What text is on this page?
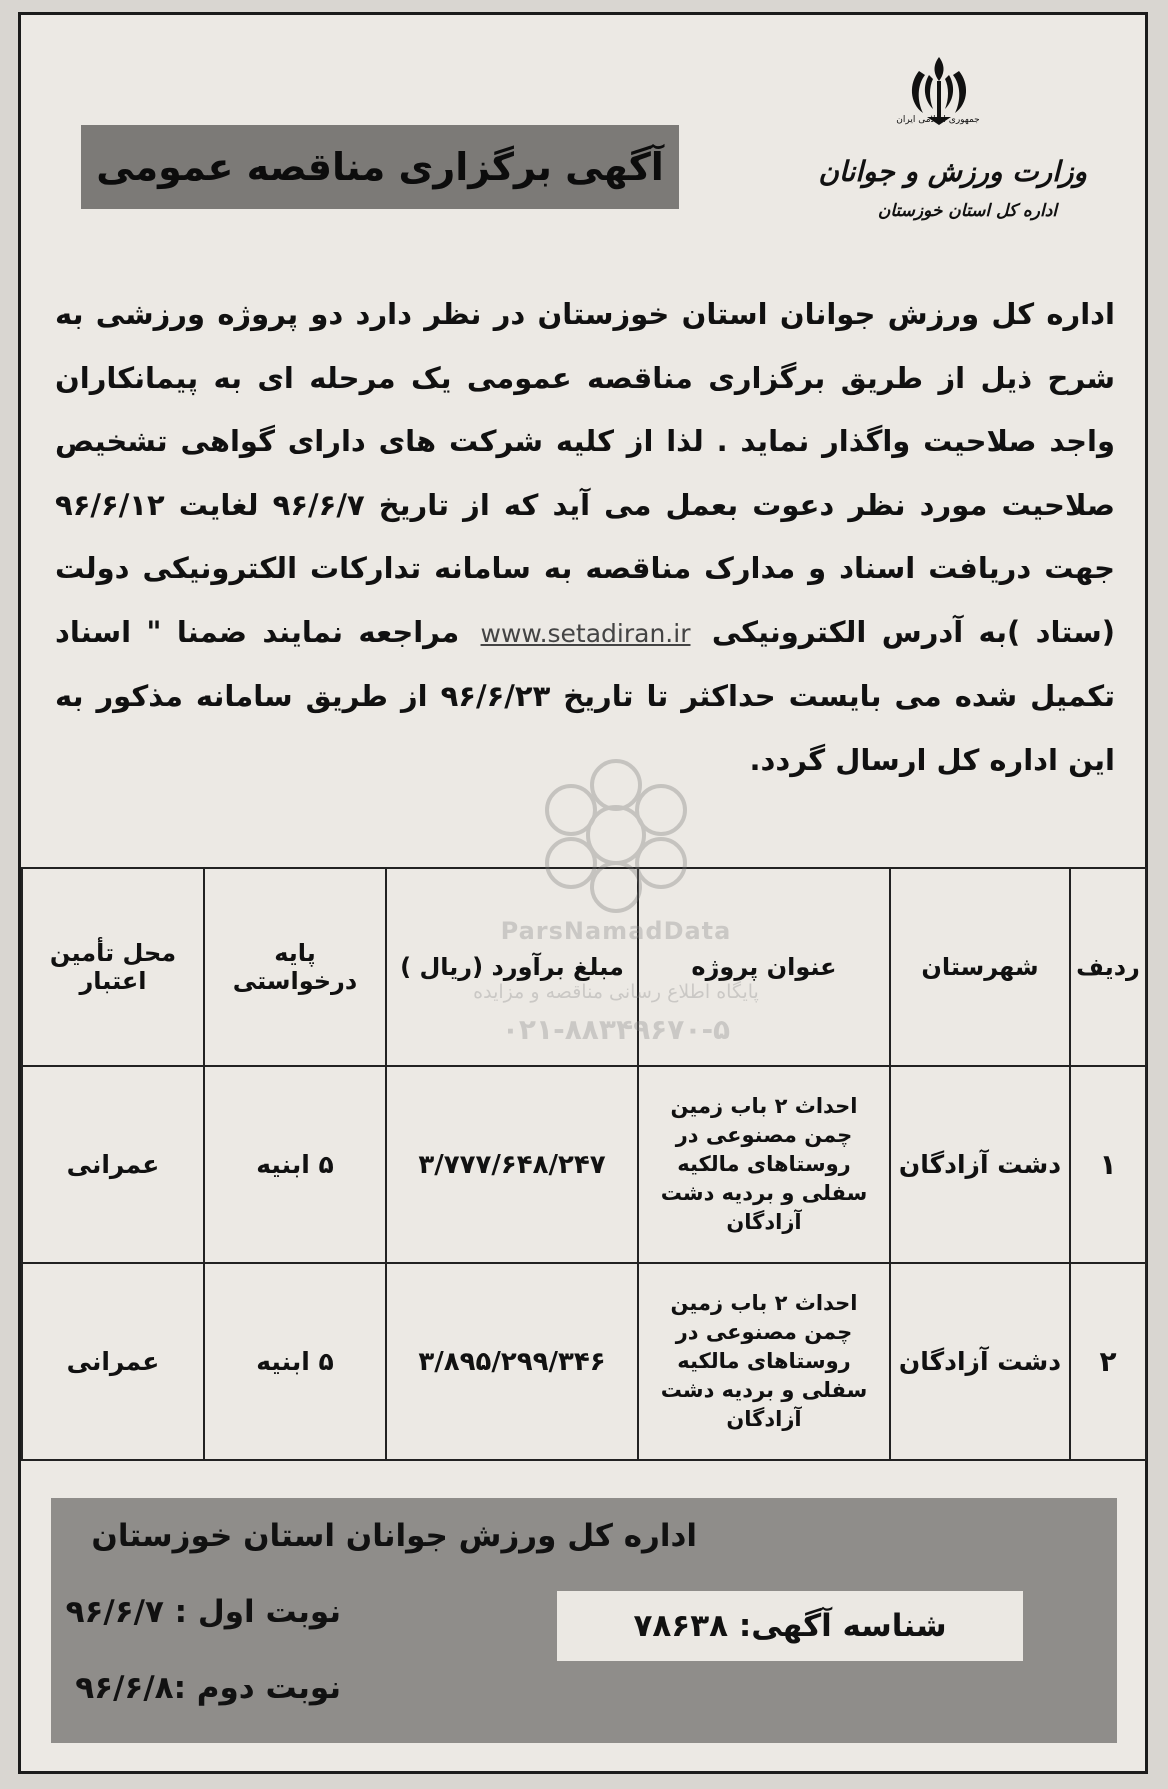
جمهوری اسلامی ایران
وزارت ورزش و جوانان
اداره کل استان خوزستان
آگهی برگزاری مناقصه عمومی
اداره کل ورزش جوانان استان خوزستان در نظر دارد دو پروژه ورزشی به شرح ذیل از طریق برگزاری مناقصه عمومی یک مرحله ای به پیمانکاران واجد صلاحیت واگذار نماید . لذا از کلیه شرکت های دارای گواهی تشخیص صلاحیت مورد نظر دعوت بعمل می آید که از تاریخ ۹۶/۶/۷ لغایت ۹۶/۶/۱۲ جهت دریافت اسناد و مدارک مناقصه به سامانه تدارکات الکترونیکی دولت (ستاد )به آدرس الکترونیکی www.setadiran.ir مراجعه نمایند ضمنا " اسناد تکمیل شده می بایست حداکثر تا تاریخ ۹۶/۶/۲۳ از طریق سامانه مذکور به این اداره کل ارسال گردد.
ردیف	شهرستان	عنوان پروژه	مبلغ برآورد (ریال )	پایه درخواستی	محل تأمین اعتبار
۱	دشت آزادگان	احداث ۲ باب زمین چمن مصنوعی در روستاهای مالکیه سفلی و بردیه دشت آزادگان	۳/۷۷۷/۶۴۸/۲۴۷	۵ ابنیه	عمرانی
۲	دشت آزادگان	احداث ۲ باب زمین چمن مصنوعی در روستاهای مالکیه سفلی و بردیه دشت آزادگان	۳/۸۹۵/۲۹۹/۳۴۶	۵ ابنیه	عمرانی
ParsNamadData
پایگاه اطلاع رسانی مناقصه و مزایده
۰۲۱-۸۸۳۴۹۶۷۰-۵
اداره کل ورزش جوانان استان خوزستان
نوبت اول : ۹۶/۶/۷
نوبت دوم :۹۶/۶/۸
شناسه آگهی: ۷۸۶۳۸
